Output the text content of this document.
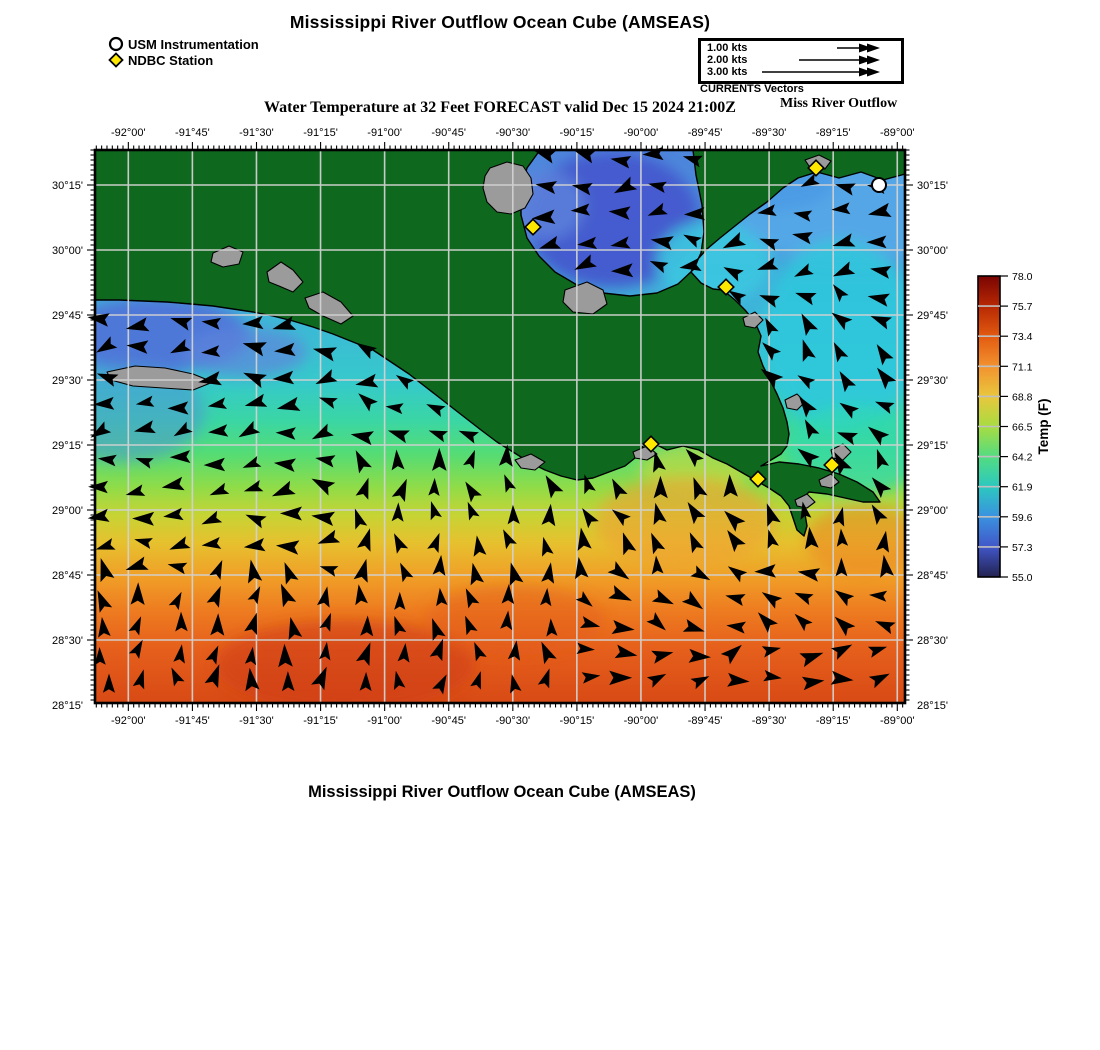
Mississippi River Outflow Ocean Cube (AMSEAS)
USM Instrumentation
NDBC Station
1.00 kts
2.00 kts
3.00 kts
CURRENTS Vectors
Water Temperature at 32 Feet FORECAST valid Dec 15 2024 21:00Z	Miss River Outflow
-92°00'
-92°00'
-91°45'
-91°45'
-91°30'
-91°30'
-91°15'
-91°15'
-91°00'
-91°00'
-90°45'
-90°45'
-90°30'
-90°30'
-90°15'
-90°15'
-90°00'
-90°00'
-89°45'
-89°45'
-89°30'
-89°30'
-89°15'
-89°15'
-89°00'
-89°00'
30°15'	30°15'
30°00'	30°00'
29°45'	29°45'
29°30'	29°30'
29°15'	29°15'
29°00'	29°00'
28°45'	28°45'
28°30'	28°30'
28°15'	28°15'
78.0
75.7
73.4
71.1
68.8
66.5
64.2
61.9
59.6
57.3
55.0
Temp (F)
Mississippi River Outflow Ocean Cube (AMSEAS)
